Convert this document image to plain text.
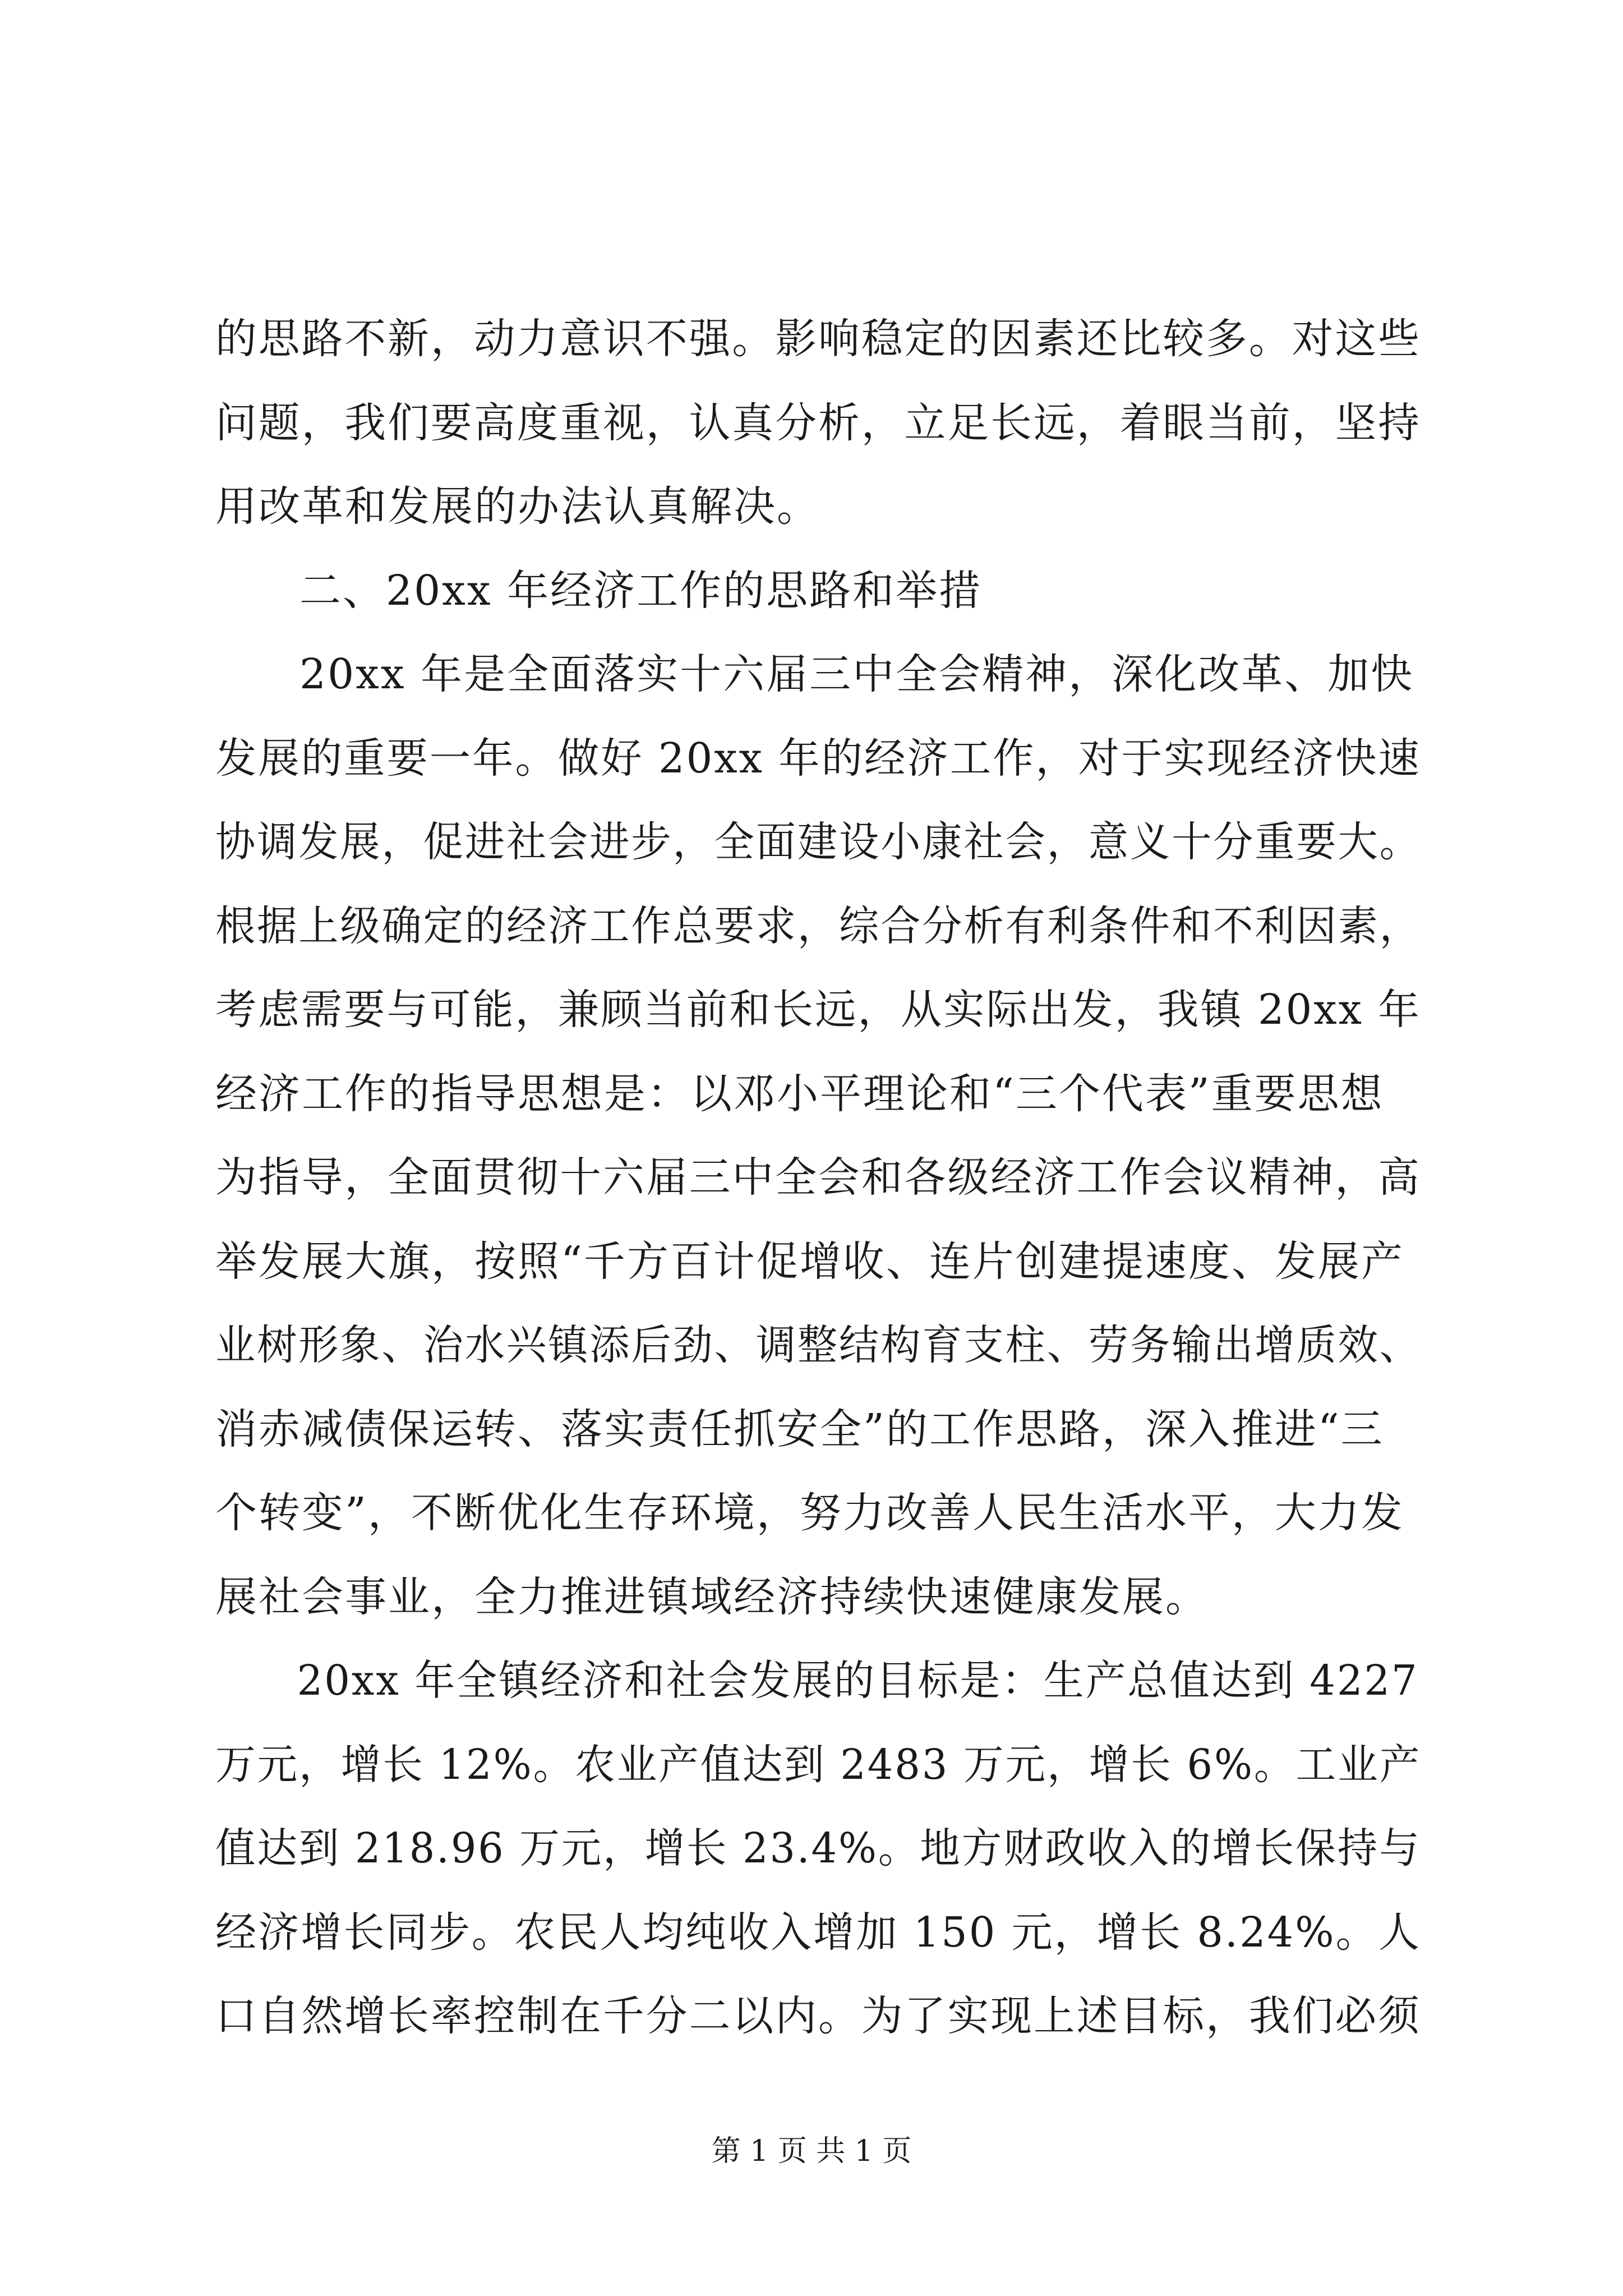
的思路不新，动力意识不强。影响稳定的因素还比较多。对这些
问题，我们要高度重视，认真分析，立足长远，着眼当前，坚持
用改革和发展的办法认真解决。
二、20xx 年经济工作的思路和举措
20xx 年是全面落实十六届三中全会精神，深化改革、加快
发展的重要一年。做好 20xx 年的经济工作，对于实现经济快速
协调发展，促进社会进步，全面建设小康社会，意义十分重要大。
根据上级确定的经济工作总要求，综合分析有利条件和不利因素，
考虑需要与可能，兼顾当前和长远，从实际出发，我镇 20xx 年
经济工作的指导思想是：以邓小平理论和“三个代表”重要思想
为指导，全面贯彻十六届三中全会和各级经济工作会议精神，高
举发展大旗，按照“千方百计促增收、连片创建提速度、发展产
业树形象、治水兴镇添后劲、调整结构育支柱、劳务输出增质效、
消赤减债保运转、落实责任抓安全”的工作思路，深入推进“三
个转变”，不断优化生存环境，努力改善人民生活水平，大力发
展社会事业，全力推进镇域经济持续快速健康发展。
20xx 年全镇经济和社会发展的目标是：生产总值达到 4227
万元，增长 12%。农业产值达到 2483 万元，增长 6%。工业产
值达到 218.96 万元，增长 23.4%。地方财政收入的增长保持与
经济增长同步。农民人均纯收入增加 150 元，增长 8.24%。人
口自然增长率控制在千分二以内。为了实现上述目标，我们必须
第 1 页 共 1 页
